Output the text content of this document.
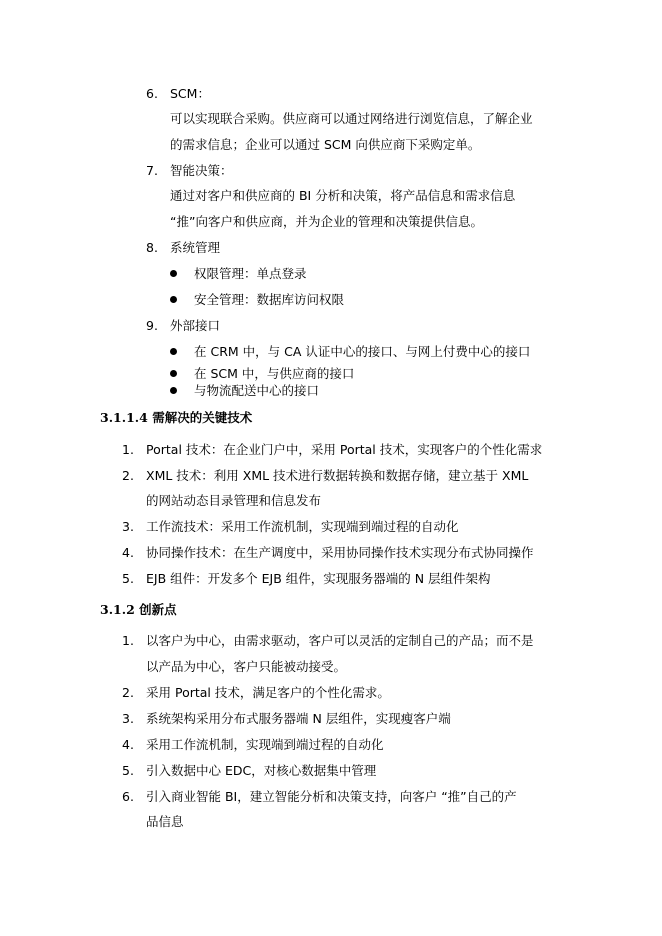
6. SCM：
可以实现联合采购。供应商可以通过网络进行浏览信息，了解企业
的需求信息；企业可以通过 SCM 向供应商下采购定单。
7. 智能决策：
通过对客户和供应商的 BI 分析和决策，将产品信息和需求信息
“推”向客户和供应商，并为企业的管理和决策提供信息。
8. 系统管理
权限管理：单点登录
安全管理：数据库访问权限
9. 外部接口
在 CRM 中，与 CA 认证中心的接口、与网上付费中心的接口
在 SCM 中，与供应商的接口
与物流配送中心的接口
3.1.1.4 需解决的关键技术
1. Portal 技术：在企业门户中，采用 Portal 技术，实现客户的个性化需求
2. XML 技术：利用 XML 技术进行数据转换和数据存储，建立基于 XML
的网站动态目录管理和信息发布
3. 工作流技术：采用工作流机制，实现端到端过程的自动化
4. 协同操作技术：在生产调度中，采用协同操作技术实现分布式协同操作
5. EJB 组件：开发多个 EJB 组件，实现服务器端的 N 层组件架构
3.1.2 创新点
1. 以客户为中心，由需求驱动，客户可以灵活的定制自己的产品；而不是
以产品为中心，客户只能被动接受。
2. 采用 Portal 技术，满足客户的个性化需求。
3. 系统架构采用分布式服务器端 N 层组件，实现瘦客户端
4. 采用工作流机制，实现端到端过程的自动化
5. 引入数据中心 EDC，对核心数据集中管理
6. 引入商业智能 BI，建立智能分析和决策支持，向客户 “推”自己的产
品信息
